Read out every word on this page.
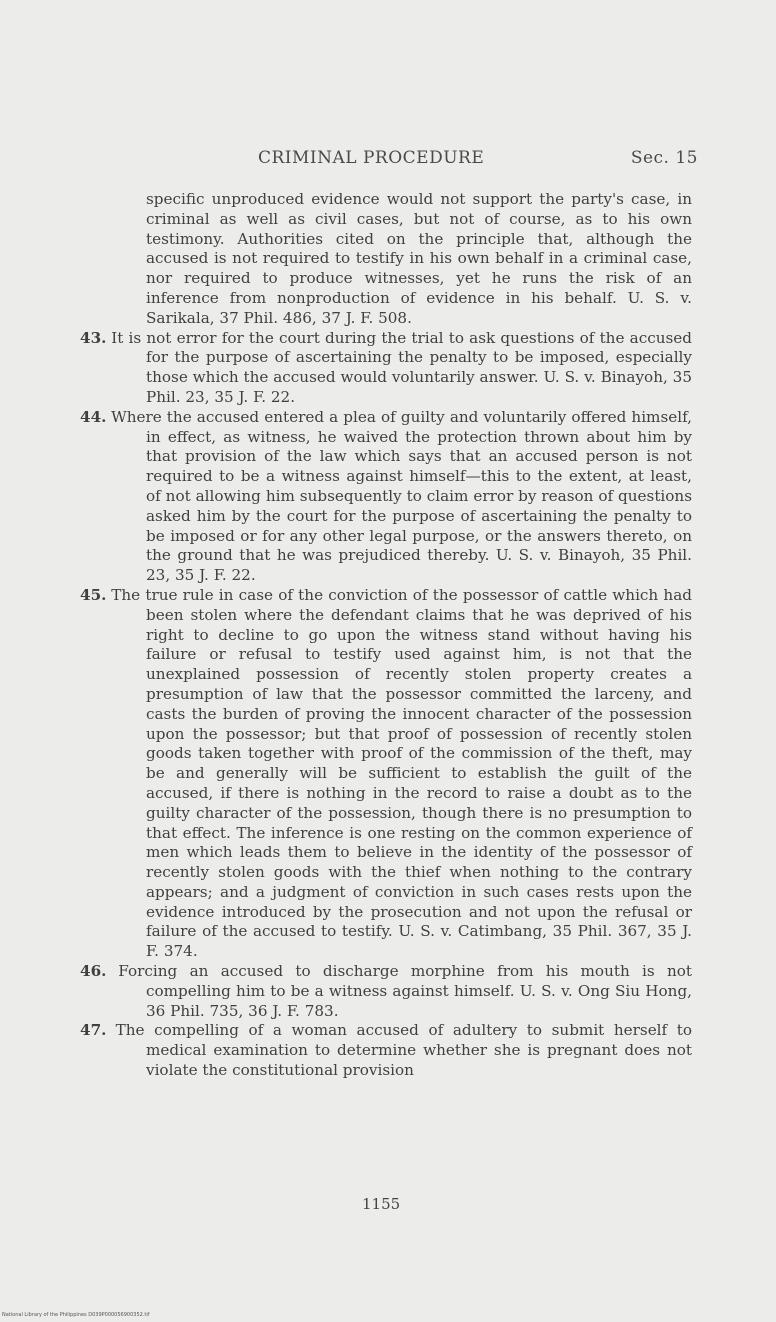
CRIMINAL PROCEDURE	Sec. 15

specific unproduced evidence would not support the party's case, in criminal as well as civil cases, but not of course, as to his own testimony. Authorities cited on the principle that, although the accused is not required to testify in his own behalf in a criminal case, nor required to produce witnesses, yet he runs the risk of an inference from nonproduction of evidence in his behalf. U. S. v. Sarikala, 37 Phil. 486, 37 J. F. 508.

43. It is not error for the court during the trial to ask questions of the accused for the purpose of ascertaining the penalty to be imposed, especially those which the accused would voluntarily answer. U. S. v. Binayoh, 35 Phil. 23, 35 J. F. 22.

44. Where the accused entered a plea of guilty and voluntarily offered himself, in effect, as witness, he waived the protection thrown about him by that provision of the law which says that an accused person is not required to be a witness against himself—this to the extent, at least, of not allowing him subsequently to claim error by reason of questions asked him by the court for the purpose of ascertaining the penalty to be imposed or for any other legal purpose, or the answers thereto, on the ground that he was prejudiced thereby. U. S. v. Binayoh, 35 Phil. 23, 35 J. F. 22.

45. The true rule in case of the conviction of the possessor of cattle which had been stolen where the defendant claims that he was deprived of his right to decline to go upon the witness stand without having his failure or refusal to testify used against him, is not that the unexplained possession of recently stolen property creates a presumption of law that the possessor committed the larceny, and casts the burden of proving the innocent character of the possession upon the possessor; but that proof of possession of recently stolen goods taken together with proof of the commission of the theft, may be and generally will be sufficient to establish the guilt of the accused, if there is nothing in the record to raise a doubt as to the guilty character of the possession, though there is no presumption to that effect. The inference is one resting on the common experience of men which leads them to believe in the identity of the possessor of recently stolen goods with the thief when nothing to the contrary appears; and a judgment of conviction in such cases rests upon the evidence introduced by the prosecution and not upon the refusal or failure of the accused to testify. U. S. v. Catimbang, 35 Phil. 367, 35 J. F. 374.

46. Forcing an accused to discharge morphine from his mouth is not compelling him to be a witness against himself. U. S. v. Ong Siu Hong, 36 Phil. 735, 36 J. F. 783.

47. The compelling of a woman accused of adultery to submit herself to medical examination to determine whether she is pregnant does not violate the constitutional provision

1155
National Library of the Philippines D039P000056900352.tif
